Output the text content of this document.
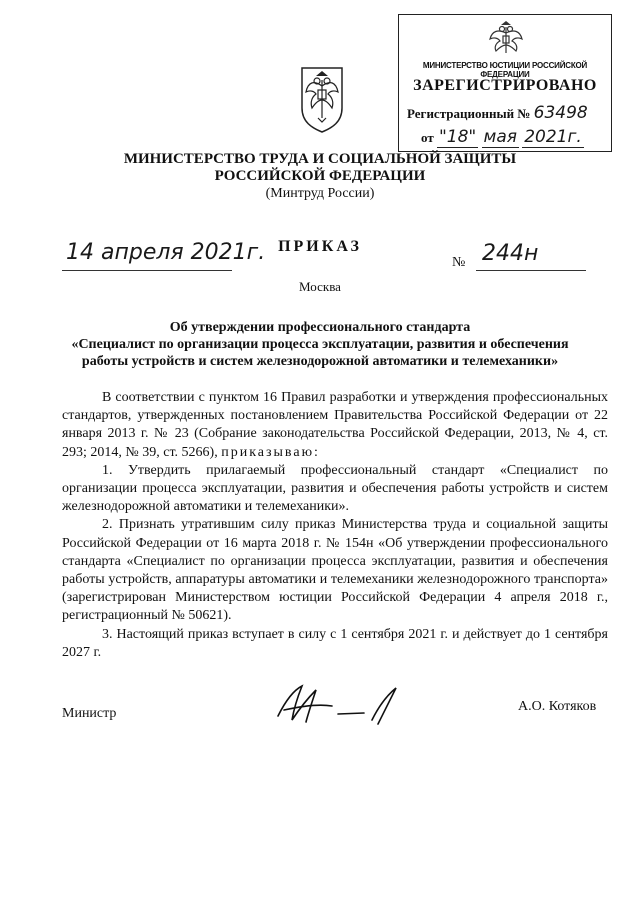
МИНИСТЕРСТВО ЮСТИЦИИ РОССИЙСКОЙ ФЕДЕРАЦИИ
ЗАРЕГИСТРИРОВАНО
Регистрационный № 63498
от "18" мая 2021г.
МИНИСТЕРСТВО ТРУДА И СОЦИАЛЬНОЙ ЗАЩИТЫ
РОССИЙСКОЙ ФЕДЕРАЦИИ
(Минтруд России)
14 апреля 2021г. ПРИКАЗ
Москва
№ 244н
Об утверждении профессионального стандарта
«Специалист по организации процесса эксплуатации, развития и обеспечения
работы устройств и систем железнодорожной автоматики и телемеханики»

В соответствии с пунктом 16 Правил разработки и утверждения профессиональных стандартов, утвержденных постановлением Правительства Российской Федерации от 22 января 2013 г. № 23 (Собрание законодательства Российской Федерации, 2013, № 4, ст. 293; 2014, № 39, ст. 5266), приказываю:

1. Утвердить прилагаемый профессиональный стандарт «Специалист по организации процесса эксплуатации, развития и обеспечения работы устройств и систем железнодорожной автоматики и телемеханики».

2. Признать утратившим силу приказ Министерства труда и социальной защиты Российской Федерации от 16 марта 2018 г. № 154н «Об утверждении профессионального стандарта «Специалист по организации процесса эксплуатации, развития и обеспечения работы устройств, аппаратуры автоматики и телемеханики железнодорожного транспорта» (зарегистрирован Министерством юстиции Российской Федерации 4 апреля 2018 г., регистрационный № 50621).

3. Настоящий приказ вступает в силу с 1 сентября 2021 г. и действует до 1 сентября 2027 г.

Министр	А.О. Котяков
